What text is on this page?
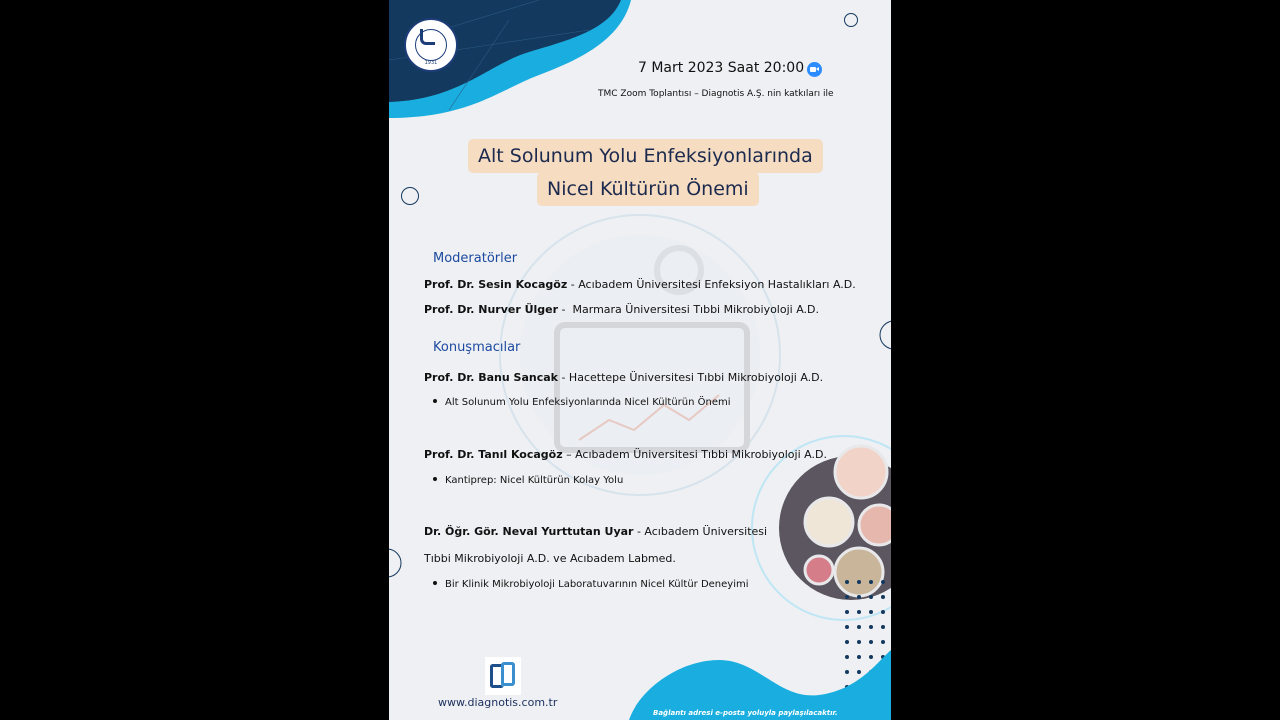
1931	7 Mart 2023 Saat 20:00
TMC Zoom Toplantısı – Diagnotis A.Ş. nin katkıları ile
Alt Solunum Yolu Enfeksiyonlarında
Nicel Kültürün Önemi
Moderatörler
Prof. Dr. Sesin Kocagöz - Acıbadem Üniversitesi Enfeksiyon Hastalıkları A.D.
Prof. Dr. Nurver Ülger -  Marmara Üniversitesi Tıbbi Mikrobiyoloji A.D.
Konuşmacılar
Prof. Dr. Banu Sancak - Hacettepe Üniversitesi Tıbbi Mikrobiyoloji A.D.
Alt Solunum Yolu Enfeksiyonlarında Nicel Kültürün Önemi
Prof. Dr. Tanıl Kocagöz – Acıbadem Üniversitesi Tıbbi Mikrobiyoloji A.D.
Kantiprep: Nicel Kültürün Kolay Yolu
Dr. Öğr. Gör. Neval Yurttutan Uyar - Acıbadem Üniversitesi
Tıbbi Mikrobiyoloji A.D. ve Acıbadem Labmed.
Bir Klinik Mikrobiyoloji Laboratuvarının Nicel Kültür Deneyimi
www.diagnotis.com.tr
Bağlantı adresi e-posta yoluyla paylaşılacaktır.
